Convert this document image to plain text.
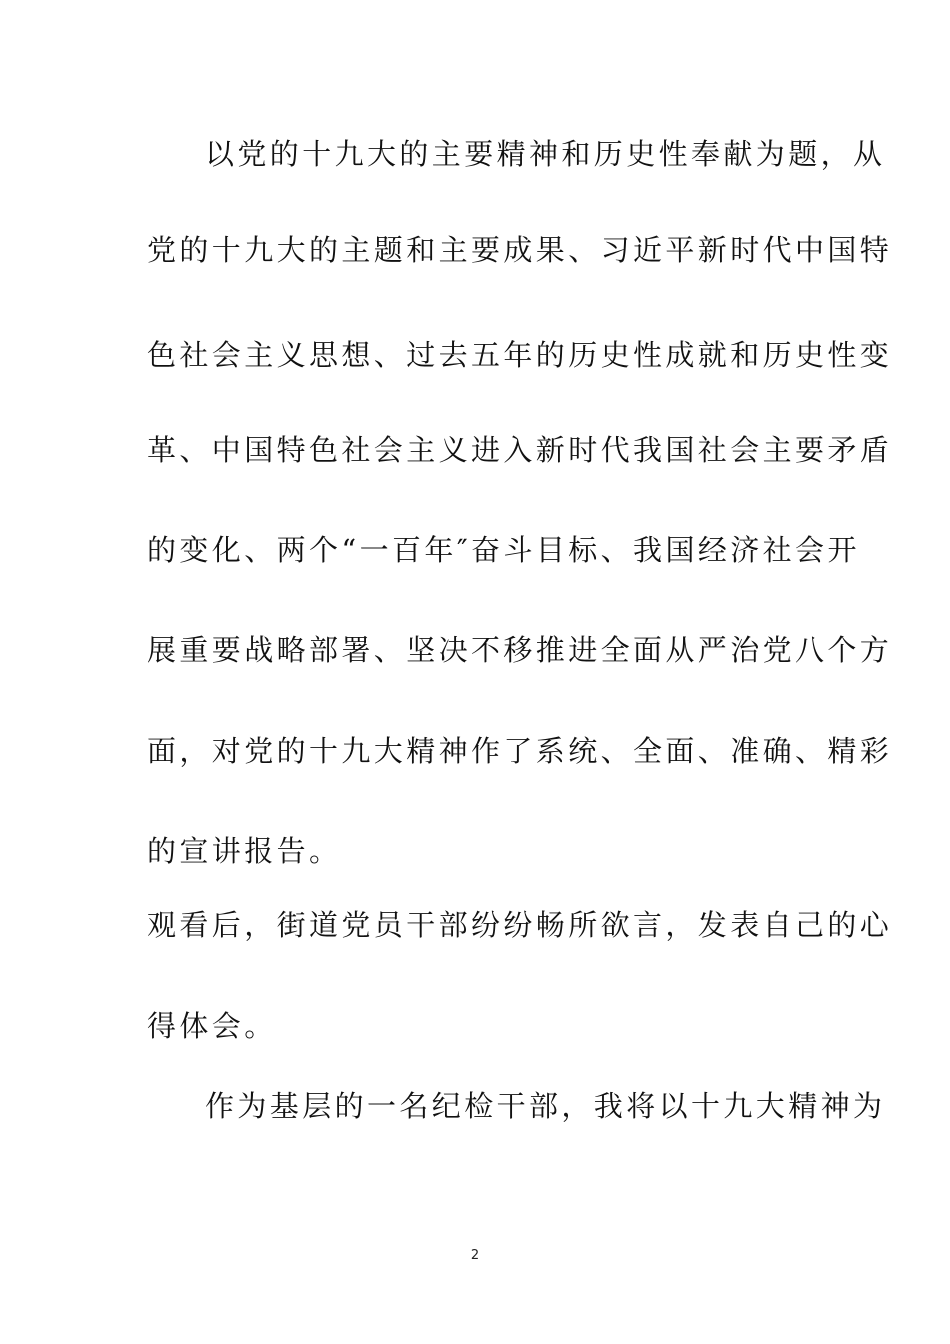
以党的十九大的主要精神和历史性奉献为题，从
党的十九大的主题和主要成果、习近平新时代中国特
色社会主义思想、过去五年的历史性成就和历史性变
革、中国特色社会主义进入新时代我国社会主要矛盾
的变化、两个“一百年″奋斗目标、我国经济社会开
展重要战略部署、坚决不移推进全面从严治党八个方
面，对党的十九大精神作了系统、全面、准确、精彩
的宣讲报告。
观看后，街道党员干部纷纷畅所欲言，发表自己的心
得体会。
作为基层的一名纪检干部，我将以十九大精神为
2
